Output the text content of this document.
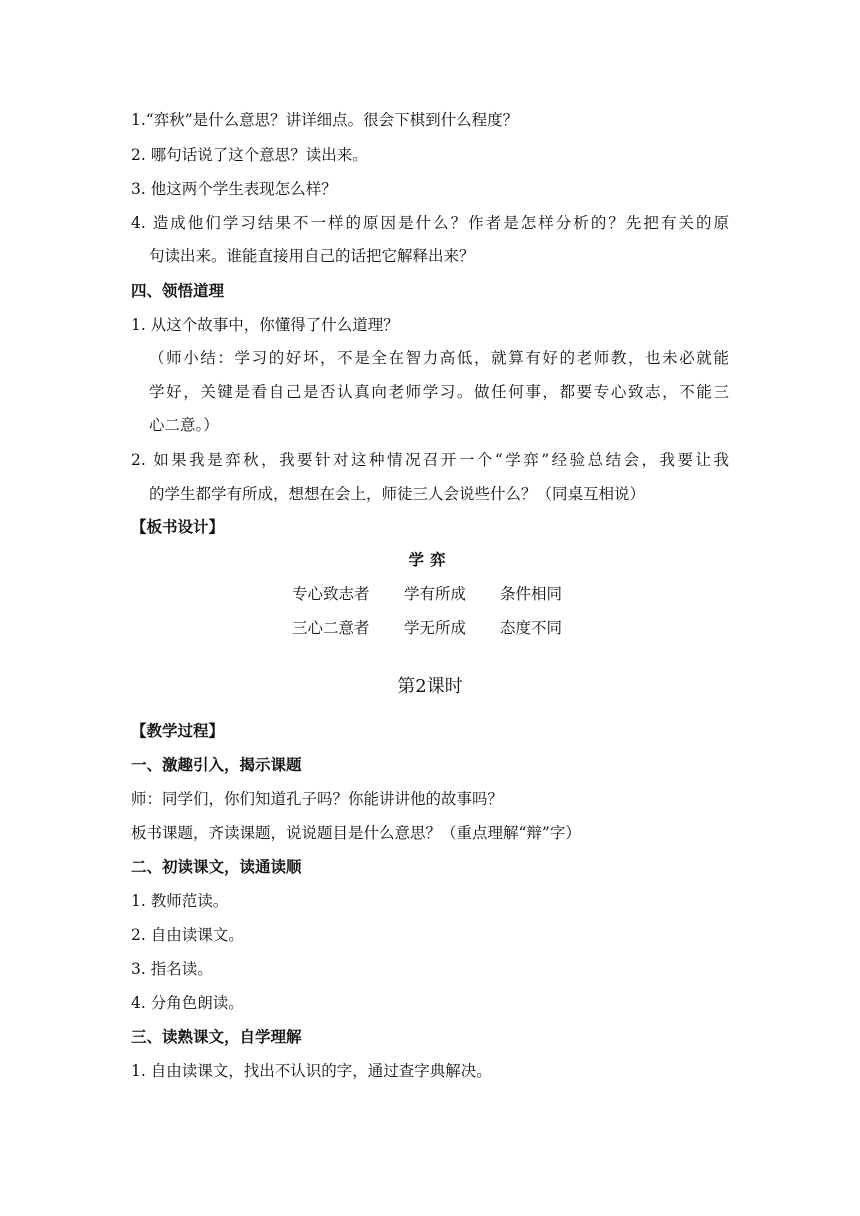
1.“弈秋”是什么意思？讲详细点。很会下棋到什么程度？
2. 哪句话说了这个意思？读出来。
3. 他这两个学生表现怎么样？
4. 造成他们学习结果不一样的原因是什么？作者是怎样分析的？先把有关的原
句读出来。谁能直接用自己的话把它解释出来？
四、领悟道理
1. 从这个故事中，你懂得了什么道理？
（师小结：学习的好坏，不是全在智力高低，就算有好的老师教，也未必就能
学好，关键是看自己是否认真向老师学习。做任何事，都要专心致志，不能三
心二意。）
2. 如果我是弈秋，我要针对这种情况召开一个“学弈”经验总结会，我要让我
的学生都学有所成，想想在会上，师徒三人会说些什么？（同桌互相说）
【板书设计】
学弈
专心致志者 学有所成 条件相同
三心二意者 学无所成 态度不同
第2课时
【教学过程】
一、激趣引入，揭示课题
师：同学们，你们知道孔子吗？你能讲讲他的故事吗？
板书课题，齐读课题，说说题目是什么意思？（重点理解“辩”字）
二、初读课文，读通读顺
1. 教师范读。
2. 自由读课文。
3. 指名读。
4. 分角色朗读。
三、读熟课文，自学理解
1. 自由读课文，找出不认识的字，通过查字典解决。
